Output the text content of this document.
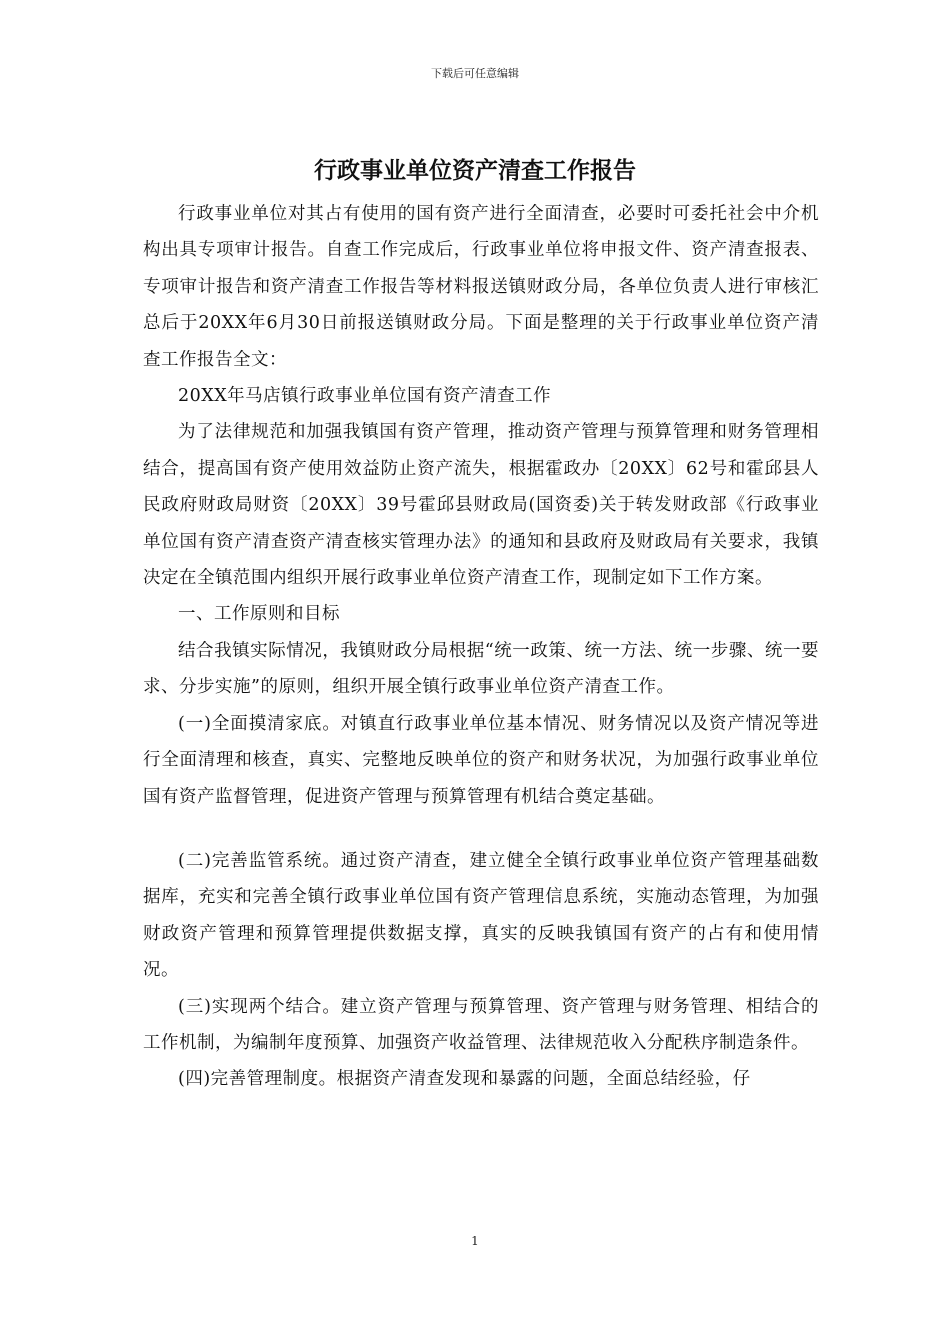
下载后可任意编辑
行政事业单位资产清查工作报告

行政事业单位对其占有使用的国有资产进行全面清查，必要时可委托社会中介机构出具专项审计报告。自查工作完成后，行政事业单位将申报文件、资产清查报表、专项审计报告和资产清查工作报告等材料报送镇财政分局，各单位负责人进行审核汇总后于20XX年6月30日前报送镇财政分局。下面是整理的关于行政事业单位资产清查工作报告全文：

20XX年马店镇行政事业单位国有资产清查工作

为了法律规范和加强我镇国有资产管理，推动资产管理与预算管理和财务管理相结合，提高国有资产使用效益防止资产流失，根据霍政办〔20XX〕62号和霍邱县人民政府财政局财资〔20XX〕39号霍邱县财政局(国资委)关于转发财政部《行政事业单位国有资产清查资产清查核实管理办法》的通知和县政府及财政局有关要求，我镇决定在全镇范围内组织开展行政事业单位资产清查工作，现制定如下工作方案。

一、工作原则和目标

结合我镇实际情况，我镇财政分局根据“统一政策、统一方法、统一步骤、统一要求、分步实施”的原则，组织开展全镇行政事业单位资产清查工作。

(一)全面摸清家底。对镇直行政事业单位基本情况、财务情况以及资产情况等进行全面清理和核查，真实、完整地反映单位的资产和财务状况，为加强行政事业单位国有资产监督管理，促进资产管理与预算管理有机结合奠定基础。

(二)完善监管系统。通过资产清查，建立健全全镇行政事业单位资产管理基础数据库，充实和完善全镇行政事业单位国有资产管理信息系统，实施动态管理，为加强财政资产管理和预算管理提供数据支撑，真实的反映我镇国有资产的占有和使用情况。

(三)实现两个结合。建立资产管理与预算管理、资产管理与财务管理、相结合的工作机制，为编制年度预算、加强资产收益管理、法律规范收入分配秩序制造条件。

(四)完善管理制度。根据资产清查发现和暴露的问题，全面总结经验，仔

1
